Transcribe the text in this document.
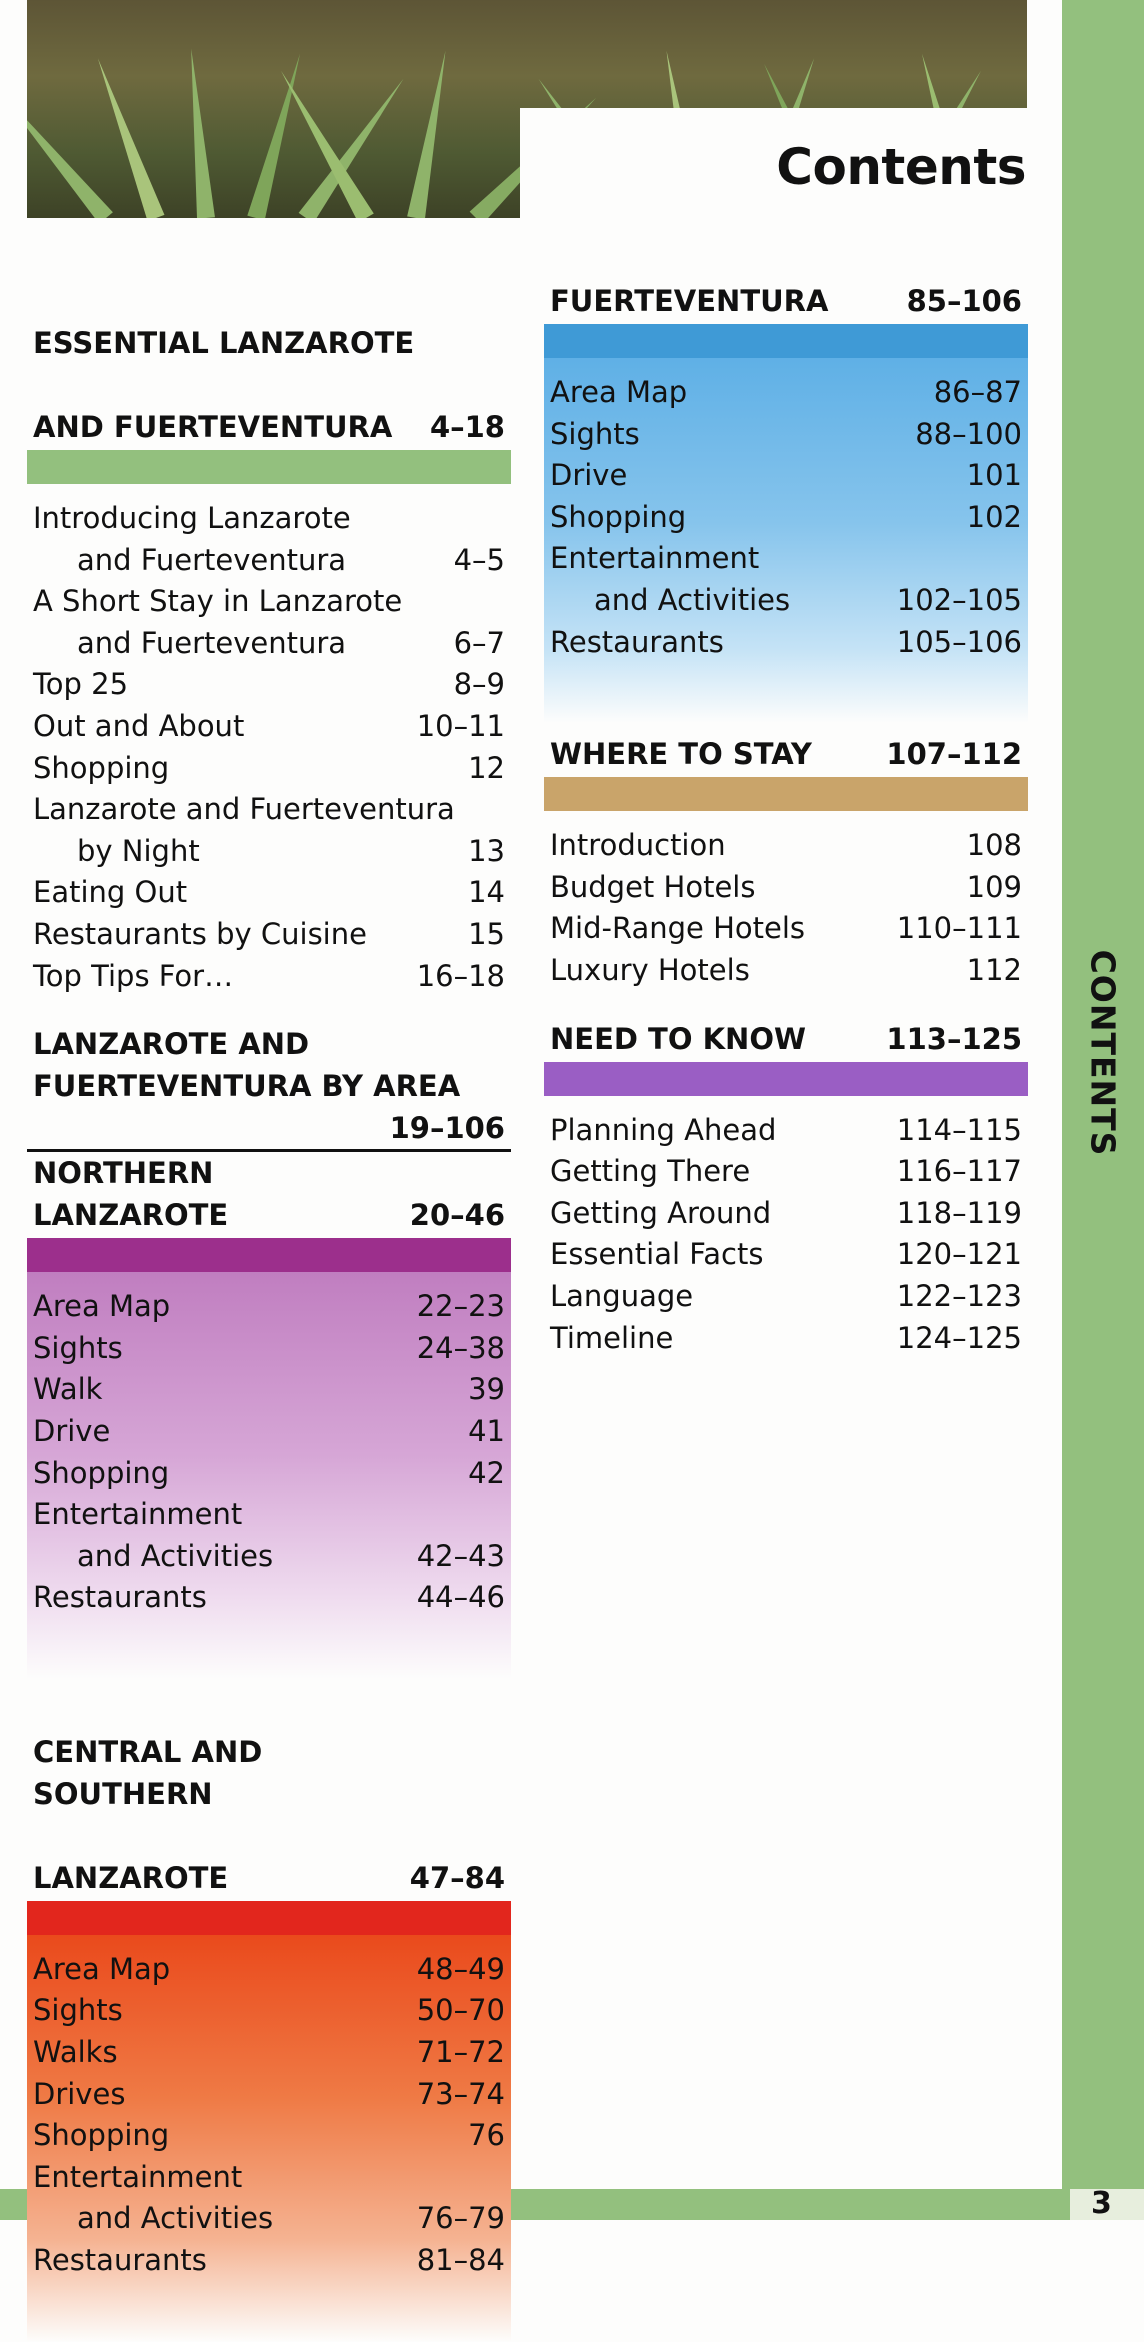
Contents
CONTENTS
3

ESSENTIAL LANZAROTE

AND FUERTEVENTURA	4–18
Introducing Lanzarote
and Fuerteventura	4–5
A Short Stay in Lanzarote
and Fuerteventura	6–7
Top 25	8–9
Out and About	10–11
Shopping	12
Lanzarote and Fuerteventura
by Night	13
Eating Out	14
Restaurants by Cuisine	15
Top Tips For…	16–18
LANZAROTE AND
FUERTEVENTURA BY AREA
19–106
NORTHERN LANZAROTE	20–46
Area Map	22–23
Sights	24–38
Walk	39
Drive	41
Shopping	42
Entertainment
and Activities	42–43
Restaurants	44–46

CENTRAL AND SOUTHERN

LANZAROTE	47–84
Area Map	48–49
Sights	50–70
Walks	71–72
Drives	73–74
Shopping	76
Entertainment
and Activities	76–79
Restaurants	81–84
FUERTEVENTURA	85–106
Area Map	86–87
Sights	88–100
Drive	101
Shopping	102
Entertainment
and Activities	102–105
Restaurants	105–106
WHERE TO STAY	107–112
Introduction	108
Budget Hotels	109
Mid-Range Hotels	110–111
Luxury Hotels	112
NEED TO KNOW	113–125
Planning Ahead	114–115
Getting There	116–117
Getting Around	118–119
Essential Facts	120–121
Language	122–123
Timeline	124–125
